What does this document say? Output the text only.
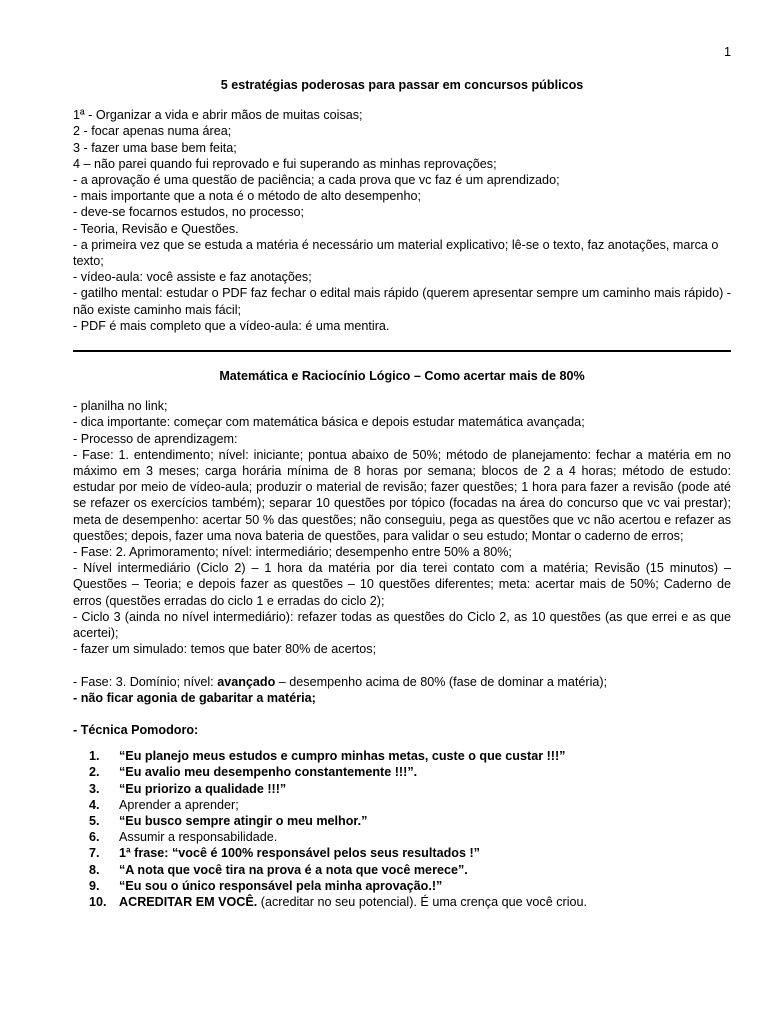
1

5 estratégias poderosas para passar em concursos públicos

1ª - Organizar a vida e abrir mãos de muitas coisas;

2 - focar apenas numa área;

3 - fazer uma base bem feita;

4 – não parei quando fui reprovado e fui superando as minhas reprovações;

- a aprovação é uma questão de paciência; a cada prova que vc faz é um aprendizado;

- mais importante que a nota é o método de alto desempenho;

- deve-se focarnos estudos, no processo;

- Teoria, Revisão e Questões.

- a primeira vez que se estuda a matéria é necessário um material explicativo; lê-se o texto, faz anotações, marca o texto;

- vídeo-aula: você assiste e faz anotações;

- gatilho mental: estudar o PDF faz fechar o edital mais rápido (querem apresentar sempre um caminho mais rápido) - não existe caminho mais fácil;

- PDF é mais completo que a vídeo-aula: é uma mentira.

Matemática e Raciocínio Lógico – Como acertar mais de 80%

- planilha no link;

- dica importante: começar com matemática básica e depois estudar matemática avançada;

- Processo de aprendizagem:

- Fase: 1. entendimento; nível: iniciante; pontua abaixo de 50%; método de planejamento: fechar a matéria em no máximo em 3 meses; carga horária mínima de 8 horas por semana; blocos de 2 a 4 horas; método de estudo: estudar por meio de vídeo-aula; produzir o material de revisão; fazer questões; 1 hora para fazer a revisão (pode até se refazer os exercícios também); separar 10 questões por tópico (focadas na área do concurso que vc vai prestar); meta de desempenho: acertar 50 % das questões; não conseguiu, pega as questões que vc não acertou e refazer as questões; depois, fazer uma nova bateria de questões, para validar o seu estudo; Montar o caderno de erros;

- Fase: 2. Aprimoramento; nível: intermediário; desempenho entre 50% a 80%;

- Nível intermediário (Ciclo 2) – 1 hora da matéria por dia terei contato com a matéria; Revisão (15 minutos) – Questões – Teoria; e depois fazer as questões – 10 questões diferentes; meta: acertar mais de 50%; Caderno de erros (questões erradas do ciclo 1 e erradas do ciclo 2);

- Ciclo 3 (ainda no nível intermediário): refazer todas as questões do Ciclo 2, as 10 questões (as que errei e as que acertei);

- fazer um simulado: temos que bater 80% de acertos;

- Fase: 3. Domínio; nível: avançado – desempenho acima de 80% (fase de dominar a matéria);

- não ficar agonia de gabaritar a matéria;

- Técnica Pomodoro:

1.	“Eu planejo meus estudos e cumpro minhas metas, custe o que custar !!!”
2.	“Eu avalio meu desempenho constantemente !!!”.
3.	“Eu priorizo a qualidade !!!”
4.	Aprender a aprender;
5.	“Eu busco sempre atingir o meu melhor.”
6.	Assumir a responsabilidade.
7.	1ª frase: “você é 100% responsável pelos seus resultados !”
8.	“A nota que você tira na prova é a nota que você merece”.
9.	“Eu sou o único responsável pela minha aprovação.!”
10. ACREDITAR EM VOCÊ. (acreditar no seu potencial). É uma crença que você criou.
